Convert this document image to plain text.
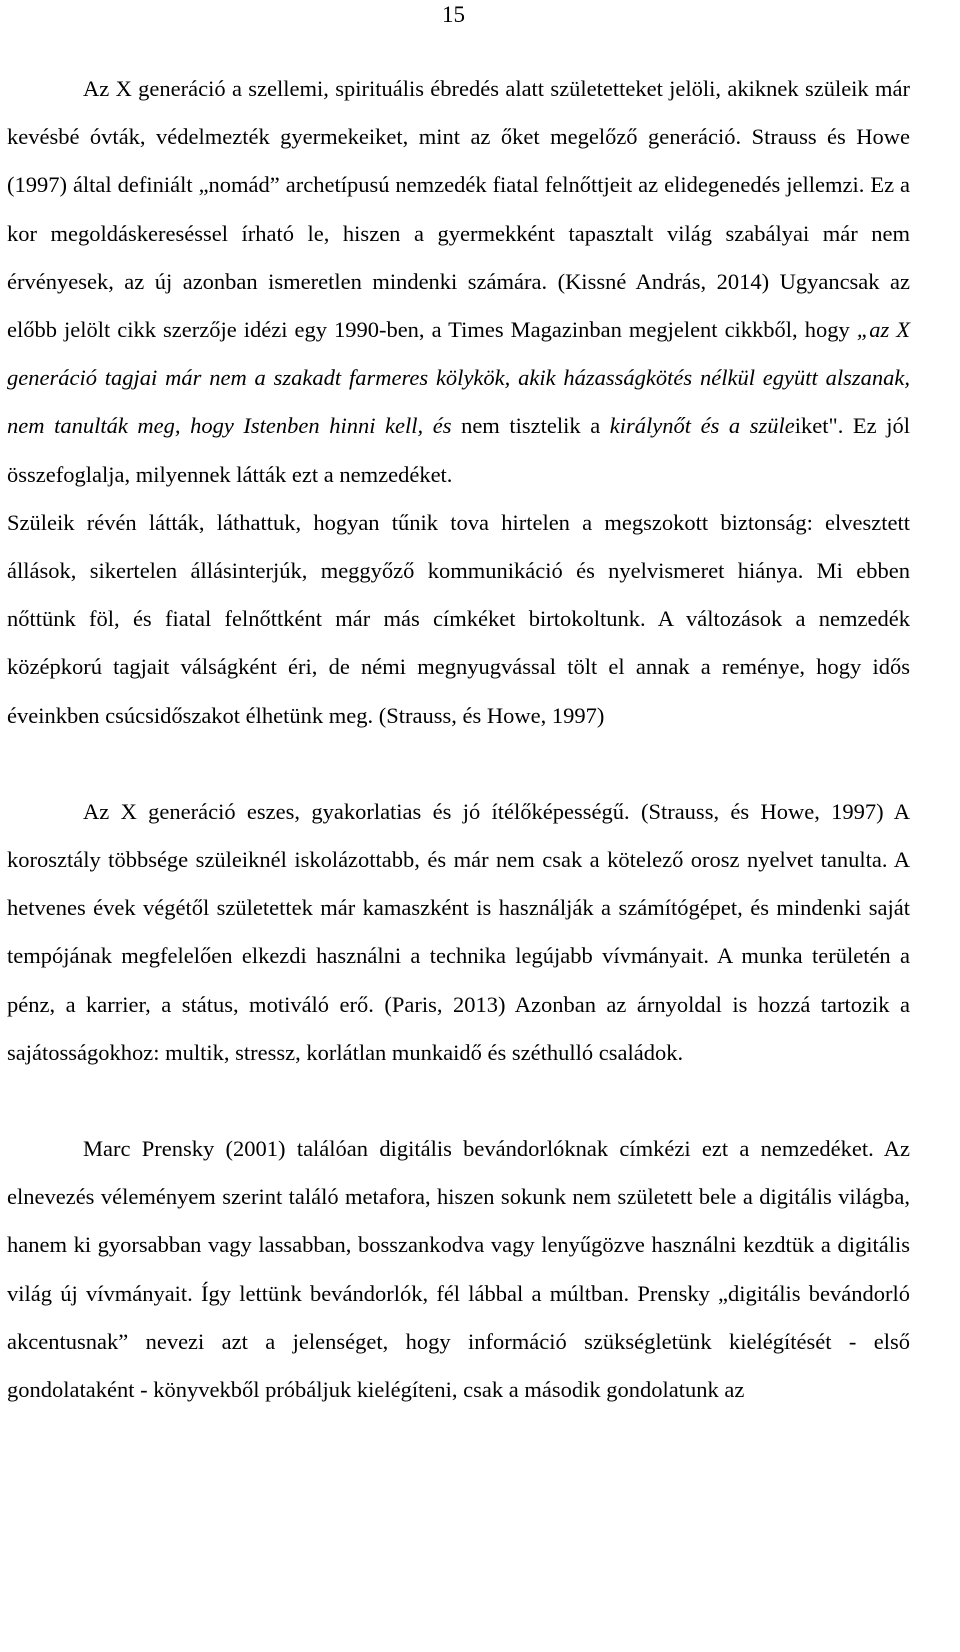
15

Az X generáció a szellemi, spirituális ébredés alatt születetteket jelöli, akiknek szüleik már kevésbé óvták, védelmezték gyermekeiket, mint az őket megelőző generáció. Strauss és Howe (1997) által definiált „nomád” archetípusú nemzedék fiatal felnőttjeit az elidegenedés jellemzi. Ez a kor megoldáskereséssel írható le, hiszen a gyermekként tapasztalt világ szabályai már nem érvényesek, az új azonban ismeretlen mindenki számára. (Kissné András, 2014) Ugyancsak az előbb jelölt cikk szerzője idézi egy 1990-ben, a Times Magazinban megjelent cikkből, hogy „az X generáció tagjai már nem a szakadt farmeres kölykök, akik házasságkötés nélkül együtt alszanak, nem tanulták meg, hogy Istenben hinni kell, és nem tisztelik a királynőt és a szüleiket". Ez jól összefoglalja, milyennek látták ezt a nemzedéket.

Szüleik révén látták, láthattuk, hogyan tűnik tova hirtelen a megszokott biztonság: elvesztett állások, sikertelen állásinterjúk, meggyőző kommunikáció és nyelvismeret hiánya. Mi ebben nőttünk föl, és fiatal felnőttként már más címkéket birtokoltunk. A változások a nemzedék középkorú tagjait válságként éri, de némi megnyugvással tölt el annak a reménye, hogy idős éveinkben csúcsidőszakot élhetünk meg. (Strauss, és Howe, 1997)

Az X generáció eszes, gyakorlatias és jó ítélőképességű. (Strauss, és Howe, 1997) A korosztály többsége szüleiknél iskolázottabb, és már nem csak a kötelező orosz nyelvet tanulta. A hetvenes évek végétől születettek már kamaszként is használják a számítógépet, és mindenki saját tempójának megfelelően elkezdi használni a technika legújabb vívmányait. A munka területén a pénz, a karrier, a státus, motiváló erő. (Paris, 2013) Azonban az árnyoldal is hozzá tartozik a sajátosságokhoz: multik, stressz, korlátlan munkaidő és széthulló családok.

Marc Prensky (2001) találóan digitális bevándorlóknak címkézi ezt a nemzedéket. Az elnevezés véleményem szerint találó metafora, hiszen sokunk nem született bele a digitális világba, hanem ki gyorsabban vagy lassabban, bosszankodva vagy lenyűgözve használni kezdtük a digitális világ új vívmányait. Így lettünk bevándorlók, fél lábbal a múltban. Prensky „digitális bevándorló akcentusnak” nevezi azt a jelenséget, hogy információ szükségletünk kielégítését - első gondolataként - könyvekből próbáljuk kielégíteni, csak a második gondolatunk az
